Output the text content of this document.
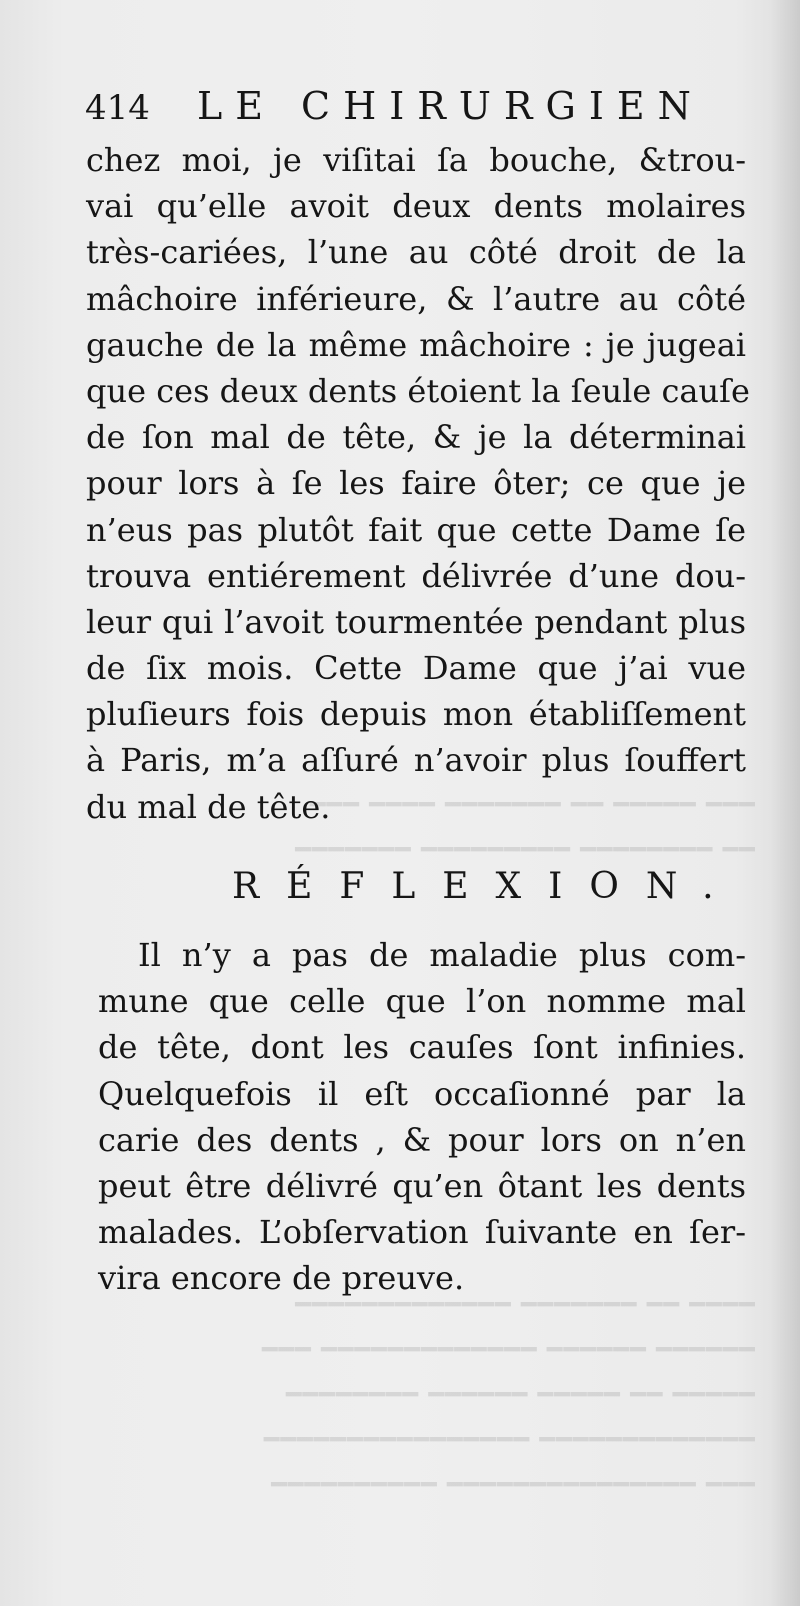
━━━ ━━━━━ ━━ ━━━━━━━ ━━━━ ━━━
━━ ━━━━━━━━ ━━━━━━━━━ ━━━━━━━
━━━━ ━━ ━━━━━━━ ━━━━━━━━━━━━━
━━━━━━ ━━━━━━ ━━━━━━━━━━━━━ ━━━
━━━━━ ━━ ━━━━━ ━━━━━━ ━━━━━━━━
━━━━━━━━━━━━━ ━━━━━━━━━━━━━━━━
━━━ ━━━━━━━━━━━━━━━ ━━━━━━━━━━
414 LE CHIRURGIEN
chez moi, je viſitai ſa bouche, &trou-
vai qu’elle avoit deux dents molaires
très-cariées, l’une au côté droit de la
mâchoire inférieure, & l’autre au côté
gauche de la même mâchoire : je jugeai
que ces deux dents étoient la ſeule cauſe
de ſon mal de tête, & je la déterminai
pour lors à ſe les faire ôter; ce que je
n’eus pas plutôt fait que cette Dame ſe
trouva entiérement délivrée d’une dou-
leur qui l’avoit tourmentée pendant plus
de ſix mois. Cette Dame que j’ai vue
pluſieurs fois depuis mon établiſſement
à Paris, m’a aſſuré n’avoir plus ſouffert
du mal de tête.
RÉFLEXION.
Il n’y a pas de maladie plus com-
mune que celle que l’on nomme mal
de tête, dont les cauſes ſont infinies.
Quelquefois il eſt occaſionné par la
carie des dents , & pour lors on n’en
peut être délivré qu’en ôtant les dents
malades. L’obſervation ſuivante en ſer-
vira encore de preuve.
